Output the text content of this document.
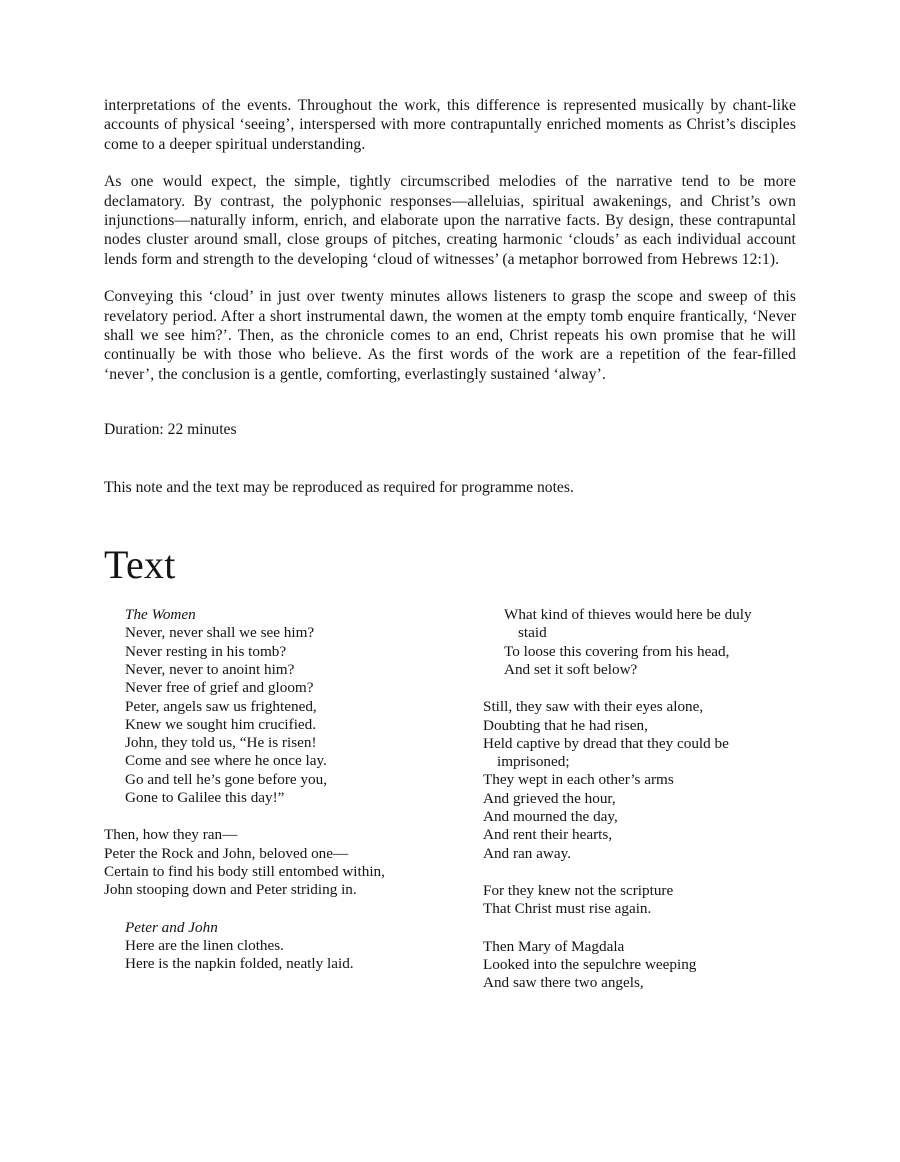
interpretations of the events. Throughout the work, this difference is represented musically by chant-like accounts of physical ‘seeing’, interspersed with more contrapuntally enriched moments as Christ’s disciples come to a deeper spiritual understanding.

As one would expect, the simple, tightly circumscribed melodies of the narrative tend to be more declamatory. By contrast, the polyphonic responses—alleluias, spiritual awakenings, and Christ’s own injunctions—naturally inform, enrich, and elaborate upon the narrative facts. By design, these contrapuntal nodes cluster around small, close groups of pitches, creating harmonic ‘clouds’ as each individual account lends form and strength to the developing ‘cloud of witnesses’ (a metaphor borrowed from Hebrews 12:1).

Conveying this ‘cloud’ in just over twenty minutes allows listeners to grasp the scope and sweep of this revelatory period. After a short instrumental dawn, the women at the empty tomb enquire frantically, ‘Never shall we see him?’. Then, as the chronicle comes to an end, Christ repeats his own promise that he will continually be with those who believe. As the first words of the work are a repetition of the fear-filled ‘never’, the conclusion is a gentle, comforting, everlastingly sustained ‘alway’.

Duration: 22 minutes
This note and the text may be reproduced as required for programme notes.
Text
The Women
Never, never shall we see him?
Never resting in his tomb?
Never, never to anoint him?
Never free of grief and gloom?
Peter, angels saw us frightened,
Knew we sought him crucified.
John, they told us, “He is risen!
Come and see where he once lay.
Go and tell he’s gone before you,
Gone to Galilee this day!”
Then, how they ran—
Peter the Rock and John, beloved one—
Certain to find his body still entombed within,
John stooping down and Peter striding in.
Peter and John
Here are the linen clothes.
Here is the napkin folded, neatly laid.
What kind of thieves would here be duly
staid
To loose this covering from his head,
And set it soft below?
Still, they saw with their eyes alone,
Doubting that he had risen,
Held captive by dread that they could be
imprisoned;
They wept in each other’s arms
And grieved the hour,
And mourned the day,
And rent their hearts,
And ran away.
For they knew not the scripture
That Christ must rise again.
Then Mary of Magdala
Looked into the sepulchre weeping
And saw there two angels,
